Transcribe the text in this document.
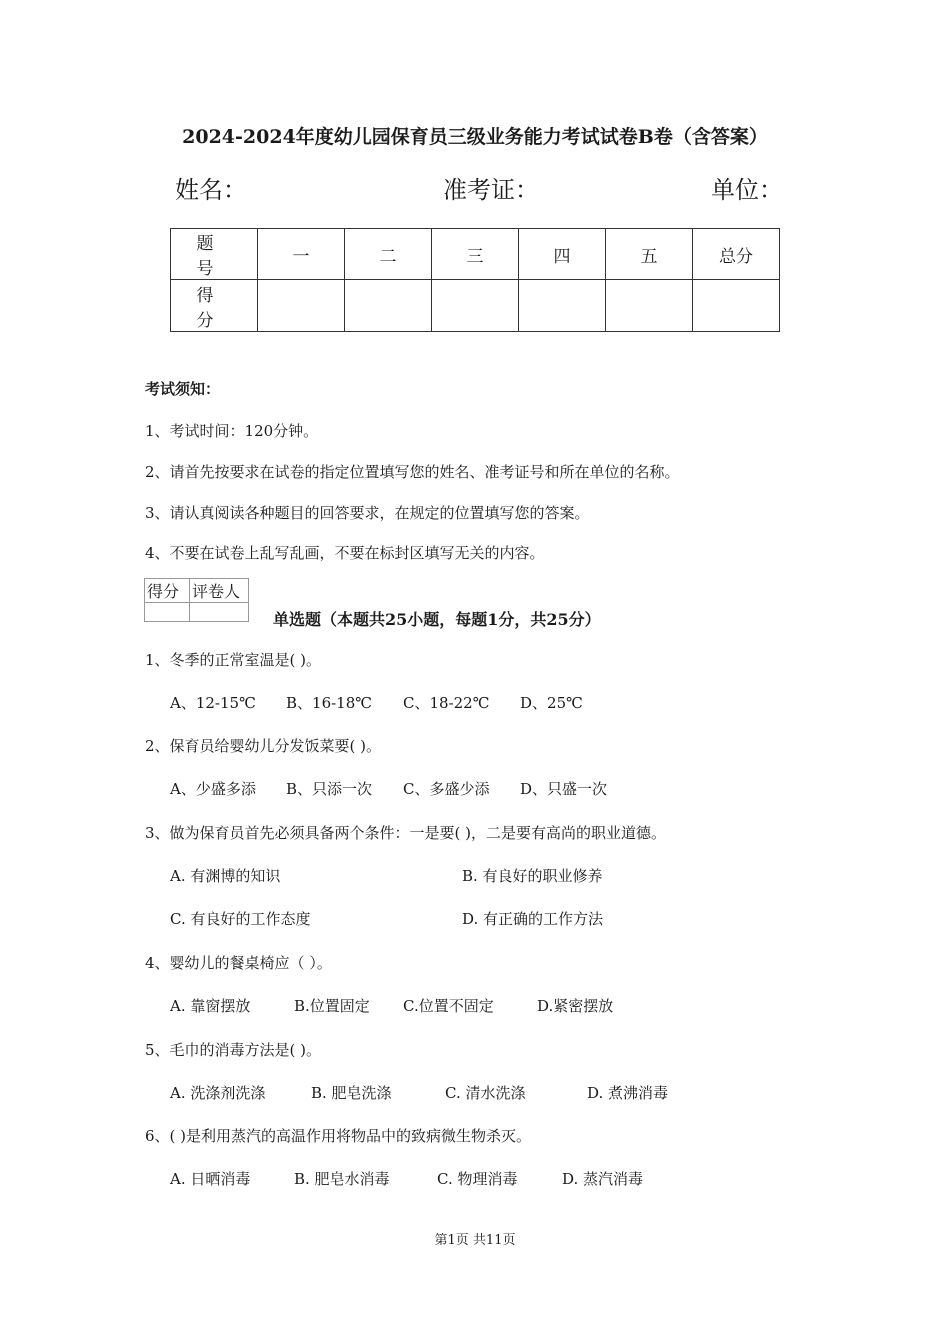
2024-2024年度幼儿园保育员三级业务能力考试试卷B卷（含答案）
姓名：	准考证：	单位：
题 号	一	二	三	四	五	总分
得 分						
考试须知：
1、考试时间：120分钟。
2、请首先按要求在试卷的指定位置填写您的姓名、准考证号和所在单位的名称。
3、请认真阅读各种题目的回答要求，在规定的位置填写您的答案。
4、不要在试卷上乱写乱画，不要在标封区填写无关的内容。
得分	评卷人

单选题（本题共25小题，每题1分，共25分）
1、冬季的正常室温是( )。
A、12-15℃ B、16-18℃ C、18-22℃ D、25℃
2、保育员给婴幼儿分发饭菜要( )。
A、少盛多添 B、只添一次 C、多盛少添 D、只盛一次
3、做为保育员首先必须具备两个条件：一是要( )，二是要有高尚的职业道德。
A. 有渊博的知识	B. 有良好的职业修养
C. 有良好的工作态度	D. 有正确的工作方法
4、婴幼儿的餐桌椅应（ ）。
A. 靠窗摆放	B.位置固定 C.位置不固定	D.紧密摆放
5、毛巾的消毒方法是( )。
A. 洗涤剂洗涤	B. 肥皂洗涤	C. 清水洗涤	D. 煮沸消毒
6、( )是利用蒸汽的高温作用将物品中的致病微生物杀灭。
A. 日晒消毒	B. 肥皂水消毒	C. 物理消毒	D. 蒸汽消毒
第1页 共11页
